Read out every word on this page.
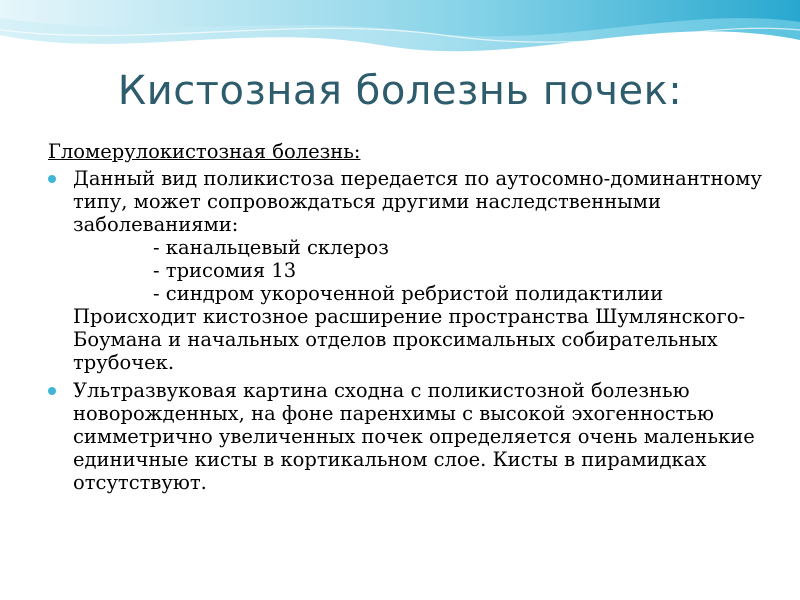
Кистозная болезнь почек:
Гломерулокистозная болезнь:

Данный вид поликистоза передается по аутосомно-доминантному типу, может сопровождаться другими наследственными заболеваниями:

- канальцевый склероз

- трисомия 13

- синдром укороченной ребристой полидактилии

Происходит кистозное расширение пространства Шумлянского-Боумана и начальных отделов проксимальных собирательных трубочек.

Ультразвуковая картина сходна с поликистозной болезнью новорожденных, на фоне паренхимы с высокой эхогенностью симметрично увеличенных почек определяется очень маленькие единичные кисты в кортикальном слое. Кисты в пирамидках отсутствуют.
